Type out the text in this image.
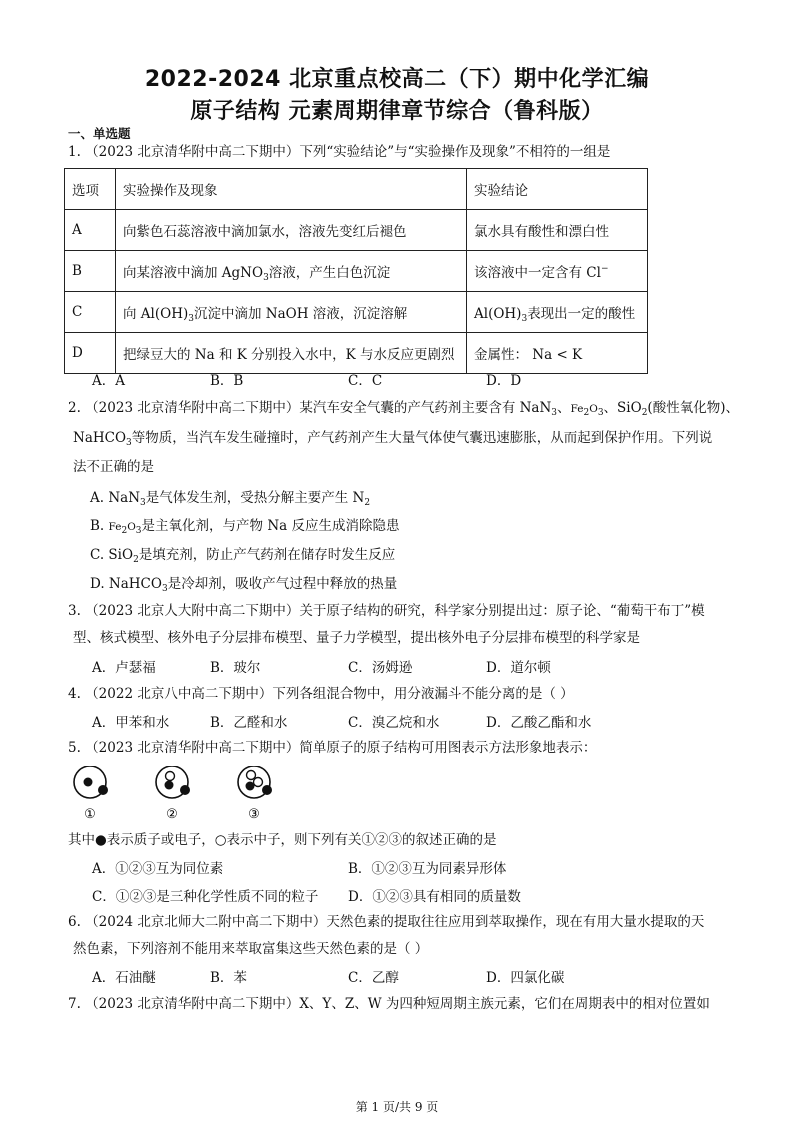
2022-2024 北京重点校高二（下）期中化学汇编
原子结构 元素周期律章节综合（鲁科版）
一、单选题
1. （2023 北京清华附中高二下期中）下列“实验结论”与“实验操作及现象”不相符的一组是
选项	实验操作及现象	实验结论
A	向紫色石蕊溶液中滴加氯水，溶液先变红后褪色	氯水具有酸性和漂白性
B	向某溶液中滴加 AgNO$_3$溶液，产生白色沉淀	该溶液中一定含有 Cl−
C	向 $Al(OH)_3$沉淀中滴加 NaOH 溶液，沉淀溶解	$Al(OH)_3$表现出一定的酸性
D	把绿豆大的 Na 和 K 分别投入水中，K 与水反应更剧烈	金属性： Na < K
A．A	B．B	C．C	D．D
2. （2023 北京清华附中高二下期中）某汽车安全气囊的产气药剂主要含有 NaN$_3$、$Fe_2O_3$、SiO$_2$(酸性氧化物)、
NaHCO$_3$等物质，当汽车发生碰撞时，产气药剂产生大量气体使气囊迅速膨胀，从而起到保护作用。下列说
法不正确的是
A. NaN$_3$是气体发生剂，受热分解主要产生 $N_2$
B. $Fe_2O_3$是主氧化剂，与产物 Na 反应生成消除隐患
C. SiO$_2$是填充剂，防止产气药剂在储存时发生反应
D. NaHCO$_3$是冷却剂，吸收产气过程中释放的热量
3. （2023 北京人大附中高二下期中）关于原子结构的研究，科学家分别提出过：原子论、“葡萄干布丁”模
型、核式模型、核外电子分层排布模型、量子力学模型，提出核外电子分层排布模型的科学家是
A．卢瑟福	B．玻尔	C．汤姆逊	D．道尔顿
4. （2022 北京八中高二下期中）下列各组混合物中，用分液漏斗不能分离的是（ ）
A．甲苯和水	B．乙醛和水	C．溴乙烷和水	D．乙酸乙酯和水
5. （2023 北京清华附中高二下期中）简单原子的原子结构可用图表示方法形象地表示：
①	②	③
其中●表示质子或电子，○表示中子，则下列有关①②③的叙述正确的是
A．①②③互为同位素	B．①②③互为同素异形体
C．①②③是三种化学性质不同的粒子 D．①②③具有相同的质量数
6. （2024 北京北师大二附中高二下期中）天然色素的提取往往应用到萃取操作，现在有用大量水提取的天
然色素，下列溶剂不能用来萃取富集这些天然色素的是（ ）
A．石油醚	B．苯	C．乙醇	D．四氯化碳
7. （2023 北京清华附中高二下期中）X、Y、Z、W 为四种短周期主族元素，它们在周期表中的相对位置如
第 1 页/共 9 页
